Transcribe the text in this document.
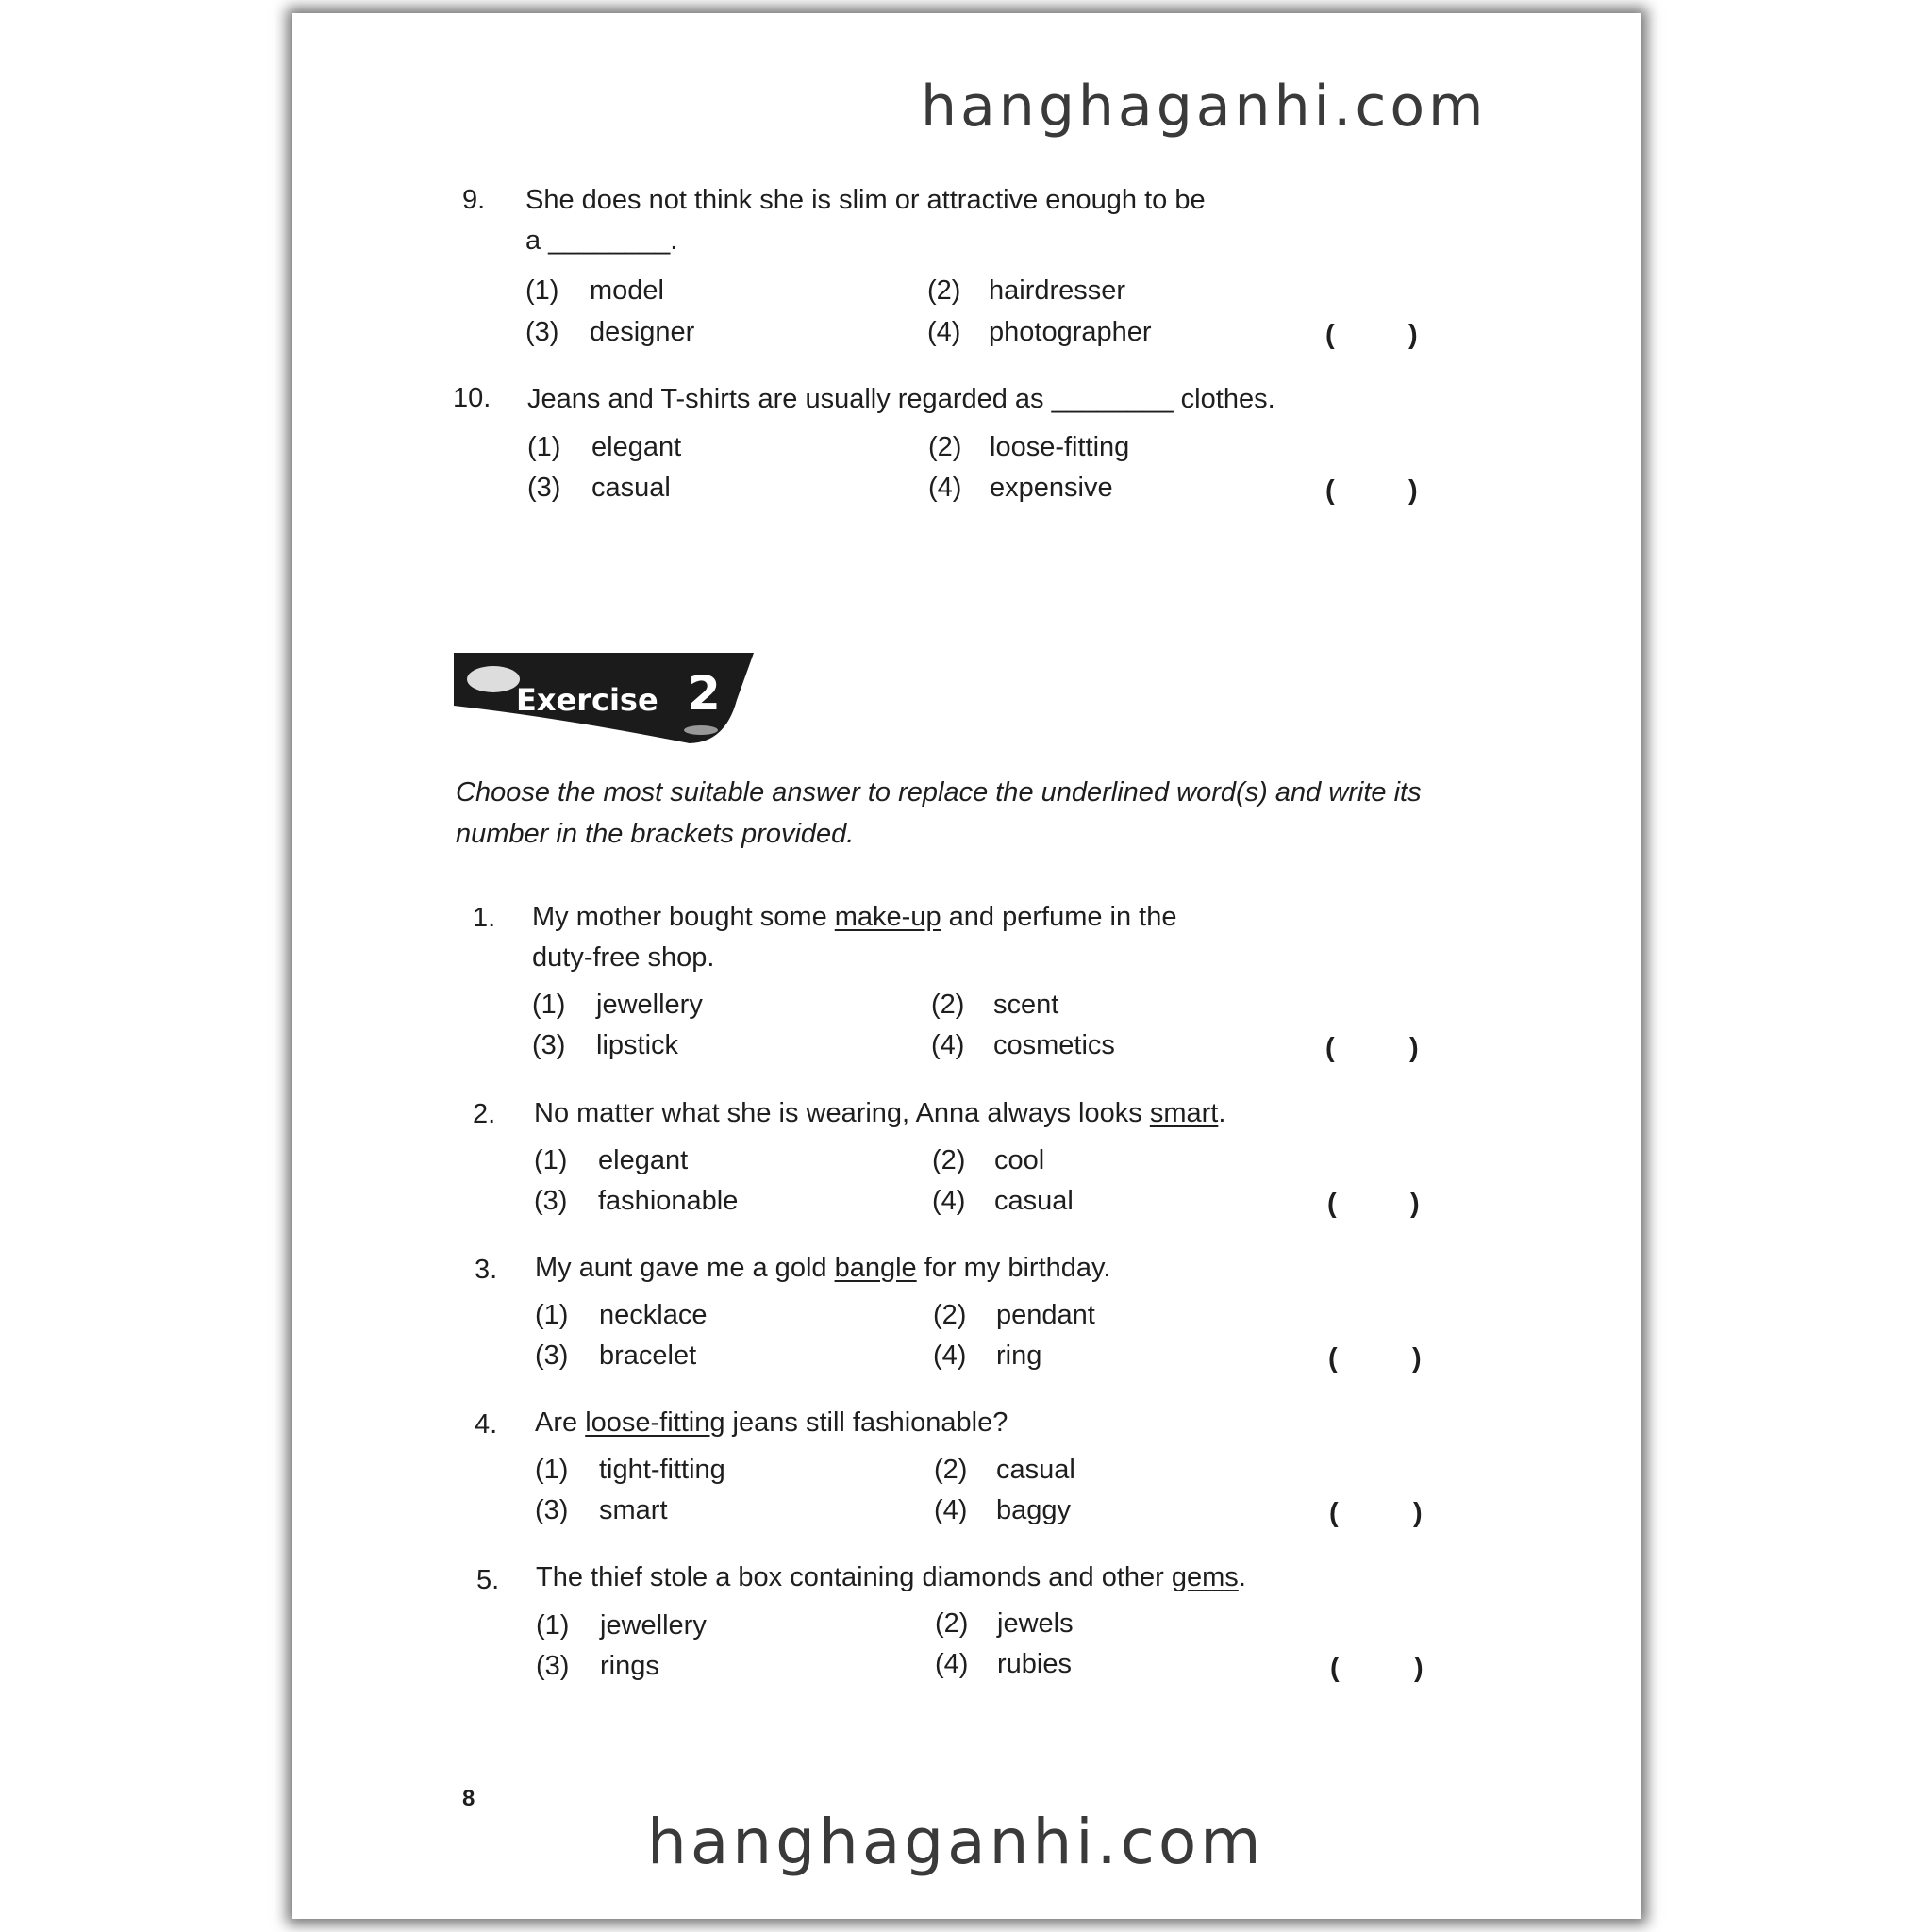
hanghaganhi.com
9. She does not think she is slim or attractive enough to be
a ________.
(1) model	(2) hairdresser
(3) designer	(4) photographer	(	)
10. Jeans and T-shirts are usually regarded as ________ clothes.
(1) elegant	(2) loose-fitting
(3) casual	(4) expensive	(	)
Exercise 2
Choose the most suitable answer to replace the underlined word(s) and write its number in the brackets provided.
1. My mother bought some make-up and perfume in the
duty-free shop.
(1) jewellery	(2) scent
(3) lipstick	(4) cosmetics	(	)
2. No matter what she is wearing, Anna always looks smart.
(1) elegant	(2) cool
(3) fashionable	(4) casual	(	)
3. My aunt gave me a gold bangle for my birthday.
(1) necklace	(2) pendant
(3) bracelet	(4) ring	(	)
4. Are loose-fitting jeans still fashionable?
(1) tight-fitting	(2) casual
(3) smart	(4) baggy	(	)
5. The thief stole a box containing diamonds and other gems.
(1) jewellery	(2) jewels
(3) rings	(4) rubies	(	)
8
hanghaganhi.com
